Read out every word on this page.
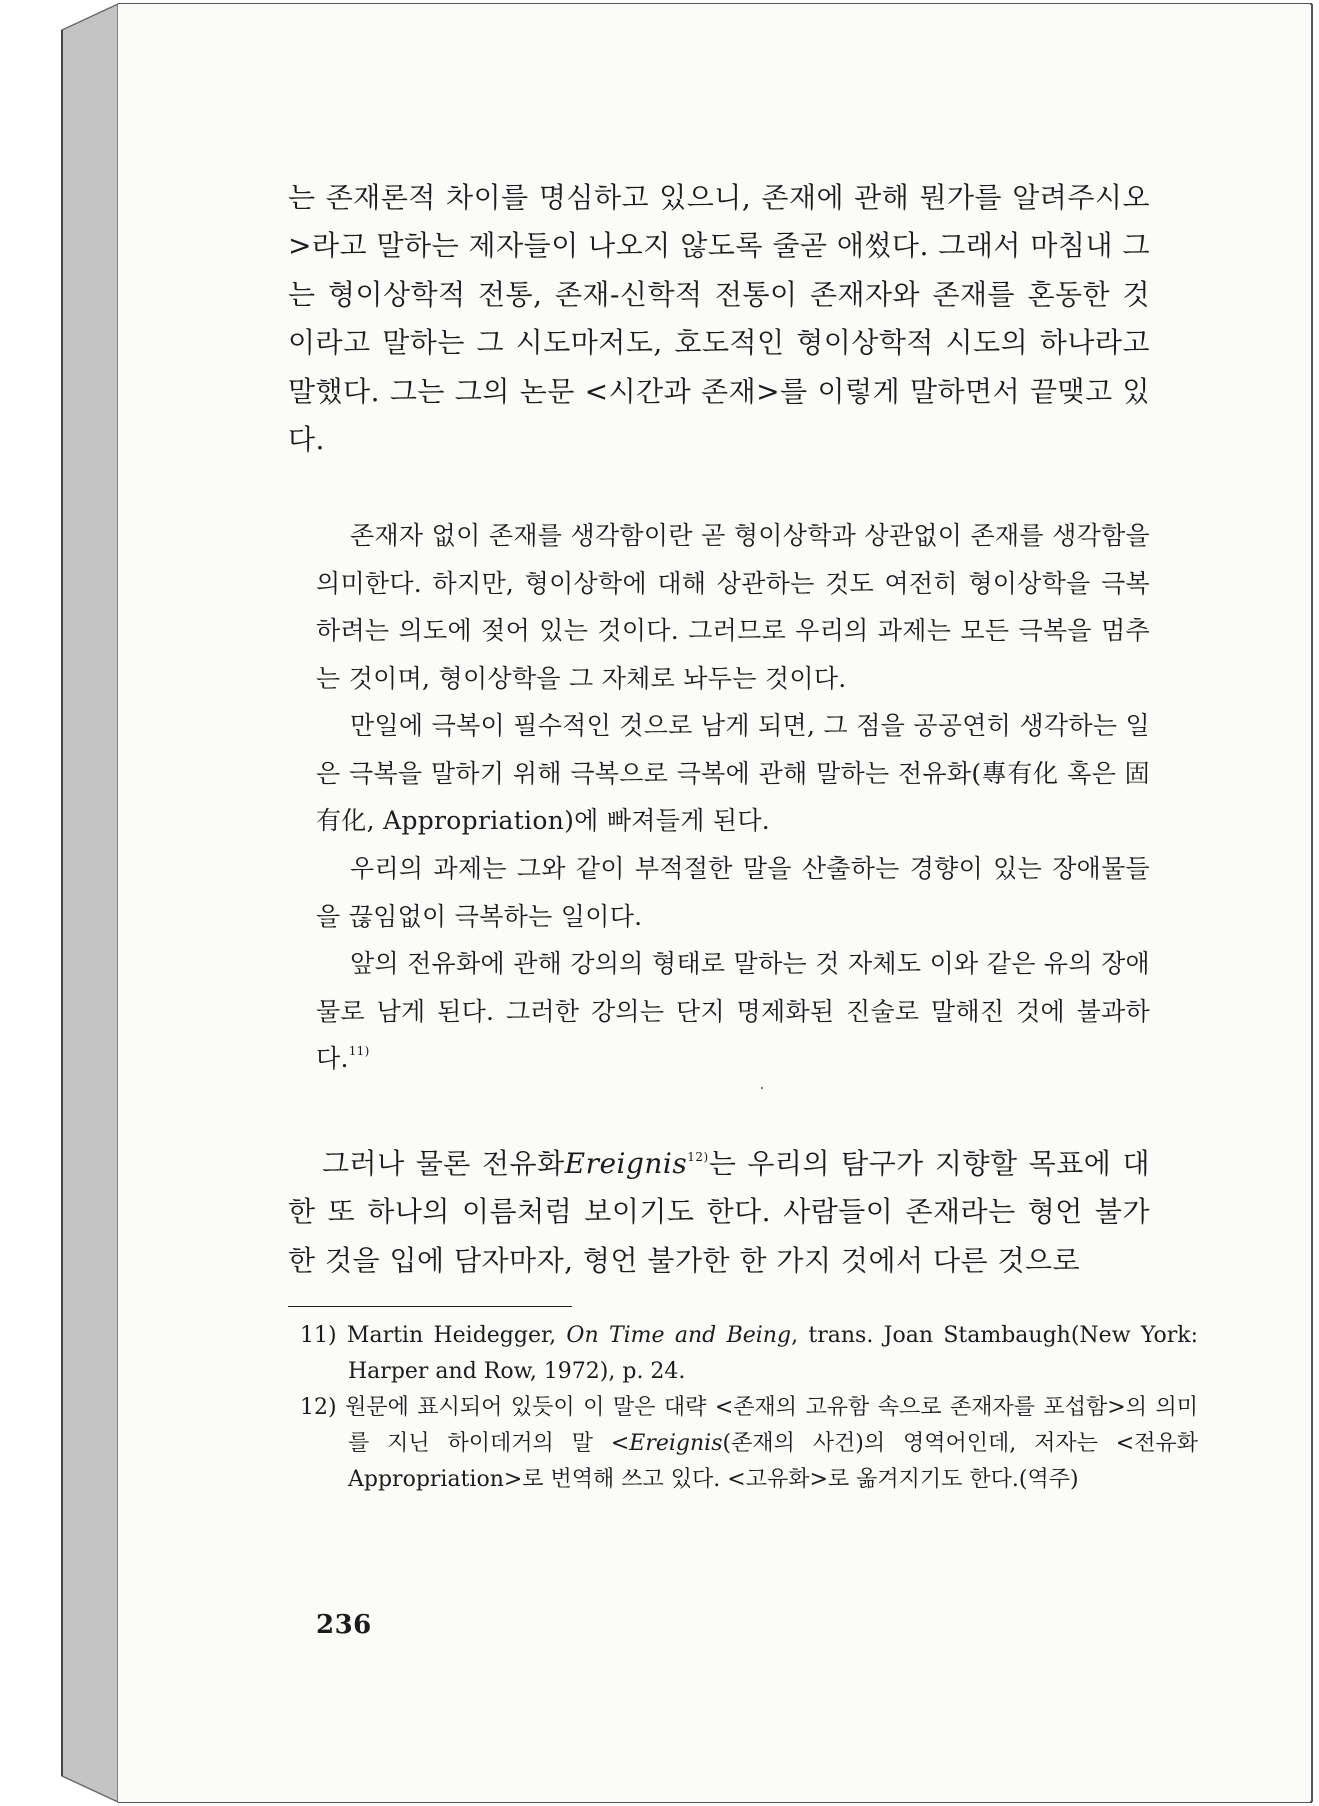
는 존재론적 차이를 명심하고 있으니, 존재에 관해 뭔가를 알려주시오>라고 말하는 제자들이 나오지 않도록 줄곧 애썼다. 그래서 마침내 그는 형이상학적 전통, 존재-신학적 전통이 존재자와 존재를 혼동한 것이라고 말하는 그 시도마저도, 호도적인 형이상학적 시도의 하나라고 말했다. 그는 그의 논문 <시간과 존재>를 이렇게 말하면서 끝맺고 있다.

존재자 없이 존재를 생각함이란 곧 형이상학과 상관없이 존재를 생각함을 의미한다. 하지만, 형이상학에 대해 상관하는 것도 여전히 형이상학을 극복하려는 의도에 젖어 있는 것이다. 그러므로 우리의 과제는 모든 극복을 멈추는 것이며, 형이상학을 그 자체로 놔두는 것이다.

만일에 극복이 필수적인 것으로 남게 되면, 그 점을 공공연히 생각하는 일은 극복을 말하기 위해 극복으로 극복에 관해 말하는 전유화(專有化 혹은 固有化, Appropriation)에 빠져들게 된다.

우리의 과제는 그와 같이 부적절한 말을 산출하는 경향이 있는 장애물들을 끊임없이 극복하는 일이다.

앞의 전유화에 관해 강의의 형태로 말하는 것 자체도 이와 같은 유의 장애물로 남게 된다. 그러한 강의는 단지 명제화된 진술로 말해진 것에 불과하다.$^{11)}$

그러나 물론 전유화Ereignis$^{12)}$는 우리의 탐구가 지향할 목표에 대한 또 하나의 이름처럼 보이기도 한다. 사람들이 존재라는 형언 불가한 것을 입에 담자마자, 형언 불가한 한 가지 것에서 다른 것으로

11) Martin Heidegger, On Time and Being, trans. Joan Stambaugh(New York: Harper and Row, 1972), p. 24.

12) 원문에 표시되어 있듯이 이 말은 대략 <존재의 고유함 속으로 존재자를 포섭함>의 의미를 지닌 하이데거의 말 <Ereignis(존재의 사건)의 영역어인데, 저자는 <전유화Appropriation>로 번역해 쓰고 있다. <고유화>로 옮겨지기도 한다.(역주)

236
